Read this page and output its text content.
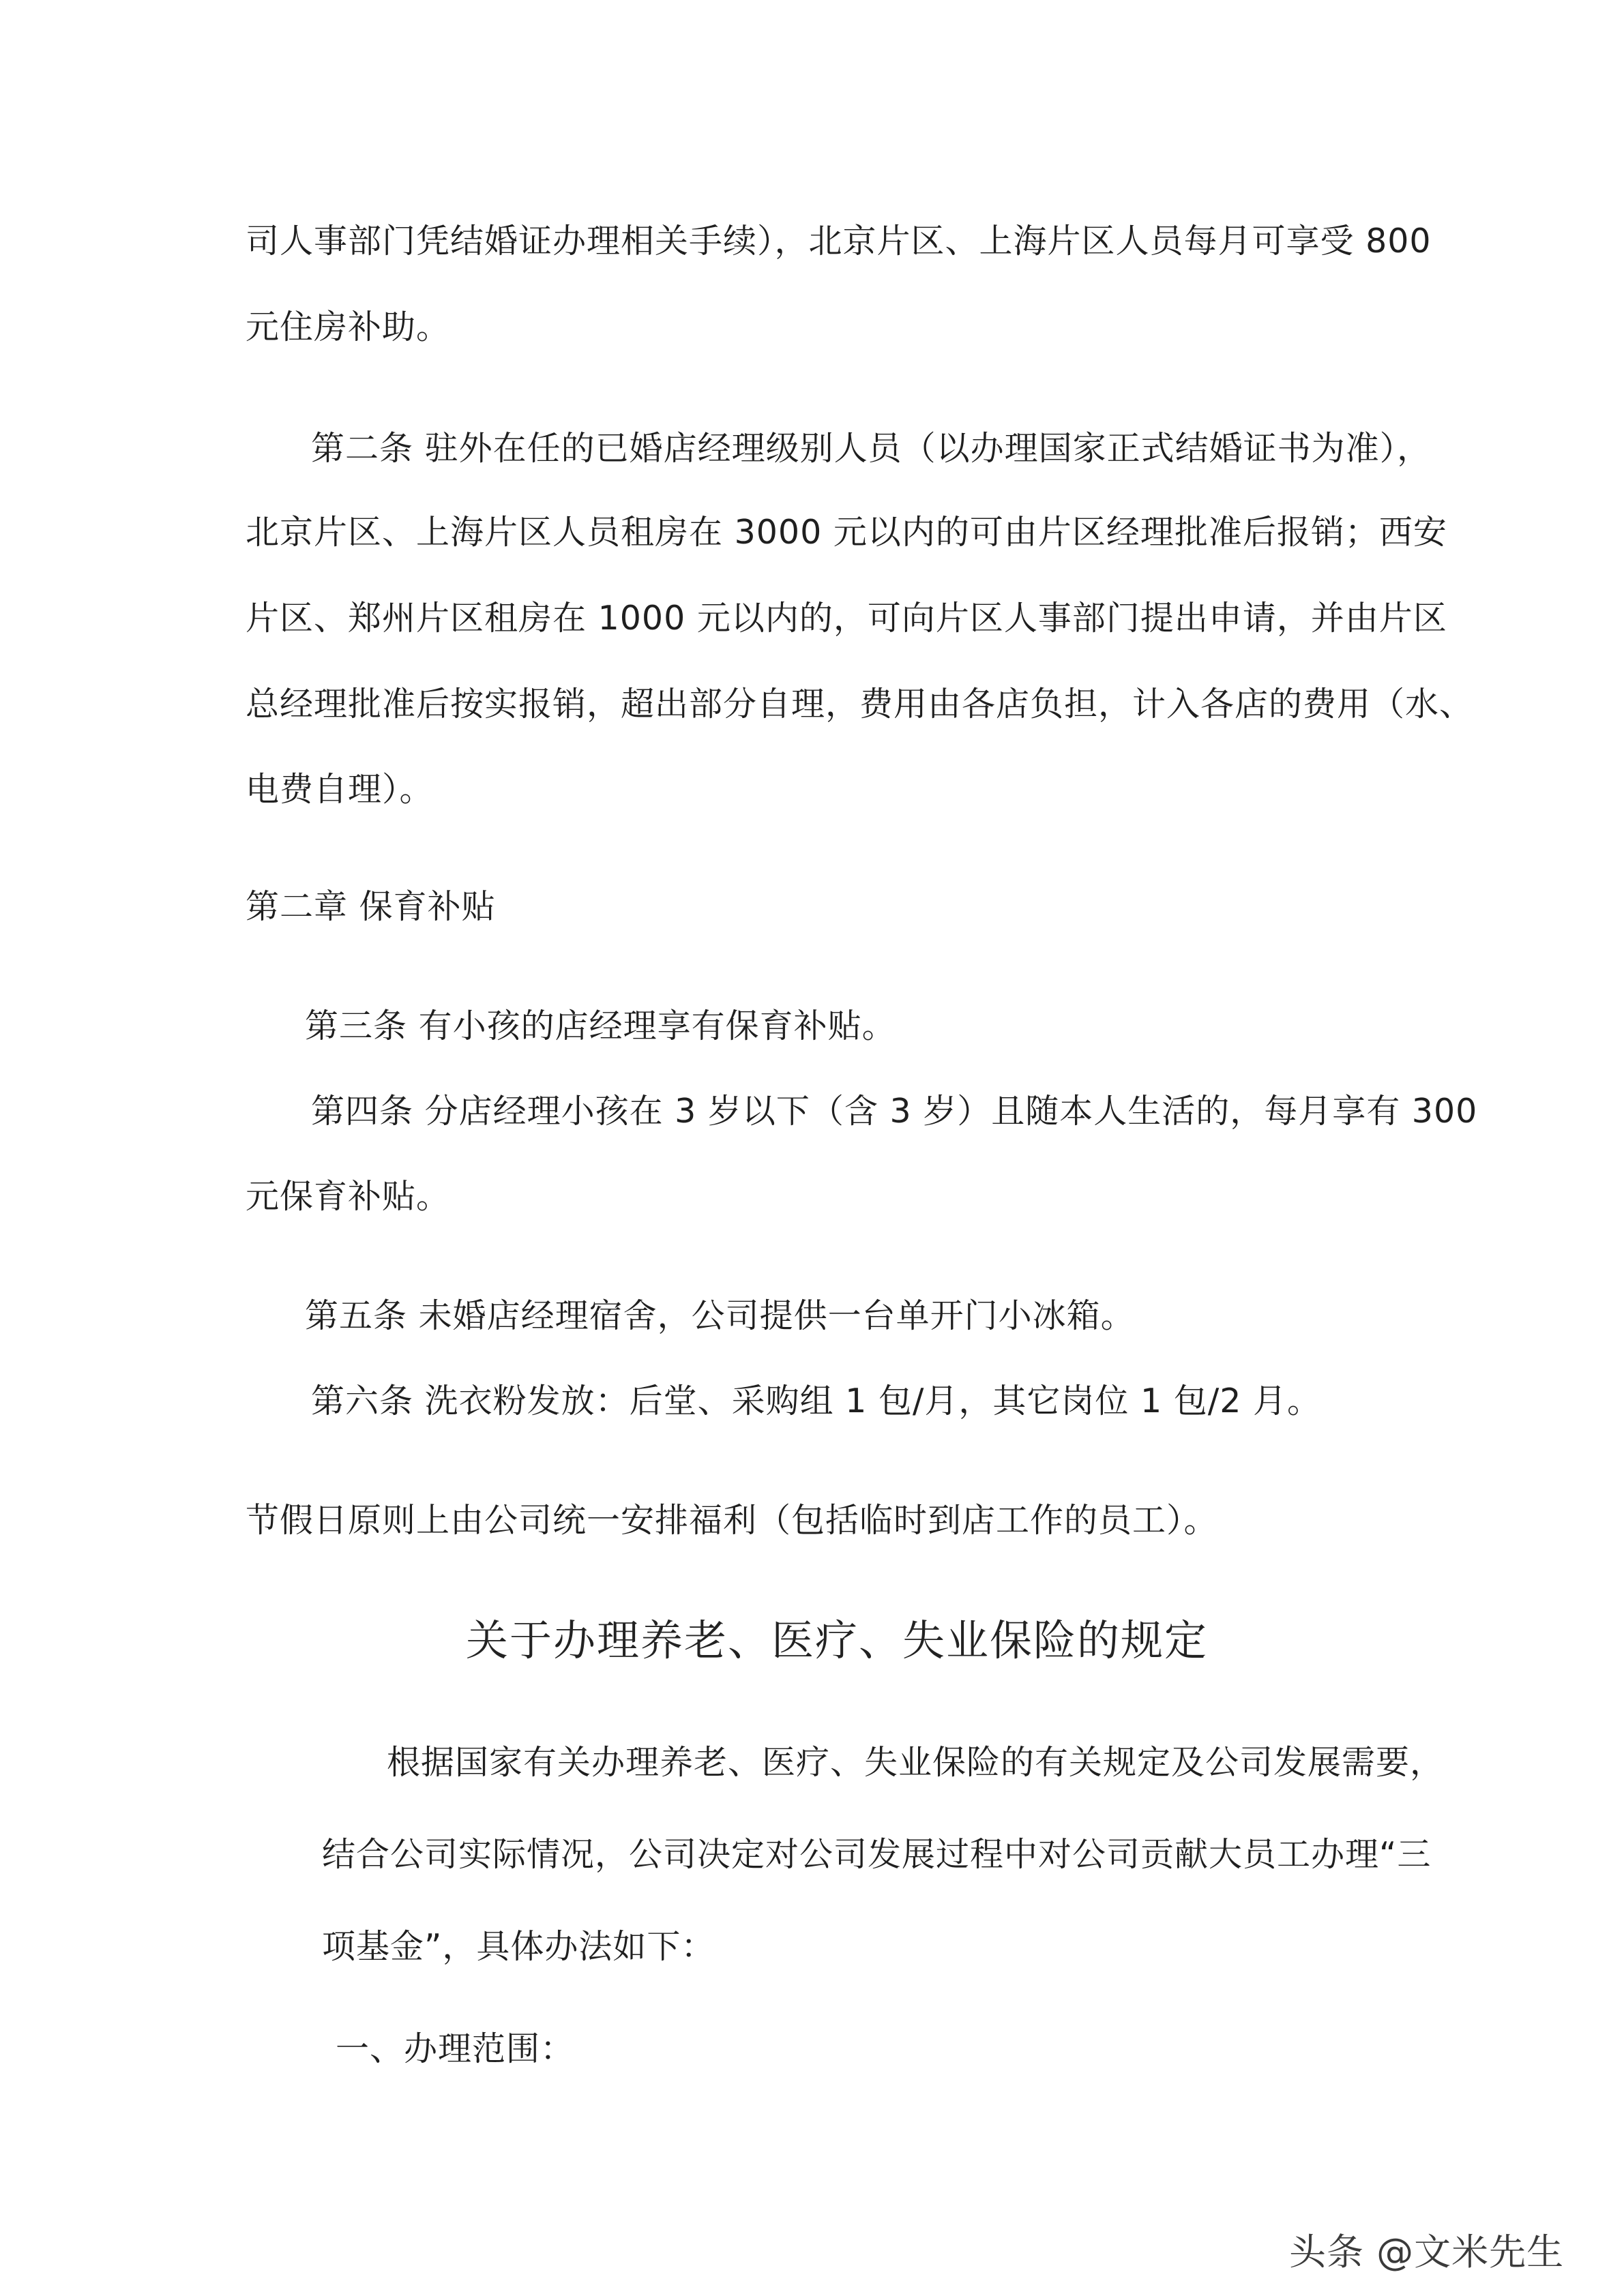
司人事部门凭结婚证办理相关手续），北京片区、上海片区人员每月可享受 800
元住房补助。
第二条 驻外在任的已婚店经理级别人员（以办理国家正式结婚证书为准），
北京片区、上海片区人员租房在 3000 元以内的可由片区经理批准后报销；西安
片区、郑州片区租房在 1000 元以内的，可向片区人事部门提出申请，并由片区
总经理批准后按实报销，超出部分自理，费用由各店负担，计入各店的费用（水、
电费自理）。
第二章 保育补贴
第三条 有小孩的店经理享有保育补贴。
第四条 分店经理小孩在 3 岁以下（含 3 岁）且随本人生活的，每月享有 300
元保育补贴。
第五条 未婚店经理宿舍，公司提供一台单开门小冰箱。
第六条 洗衣粉发放：后堂、采购组 1 包/月，其它岗位 1 包/2 月。
节假日原则上由公司统一安排福利（包括临时到店工作的员工）。
关于办理养老、医疗、失业保险的规定
根据国家有关办理养老、医疗、失业保险的有关规定及公司发展需要，
结合公司实际情况，公司决定对公司发展过程中对公司贡献大员工办理“三
项基金”，具体办法如下：
一、办理范围：
头条 @文米先生
